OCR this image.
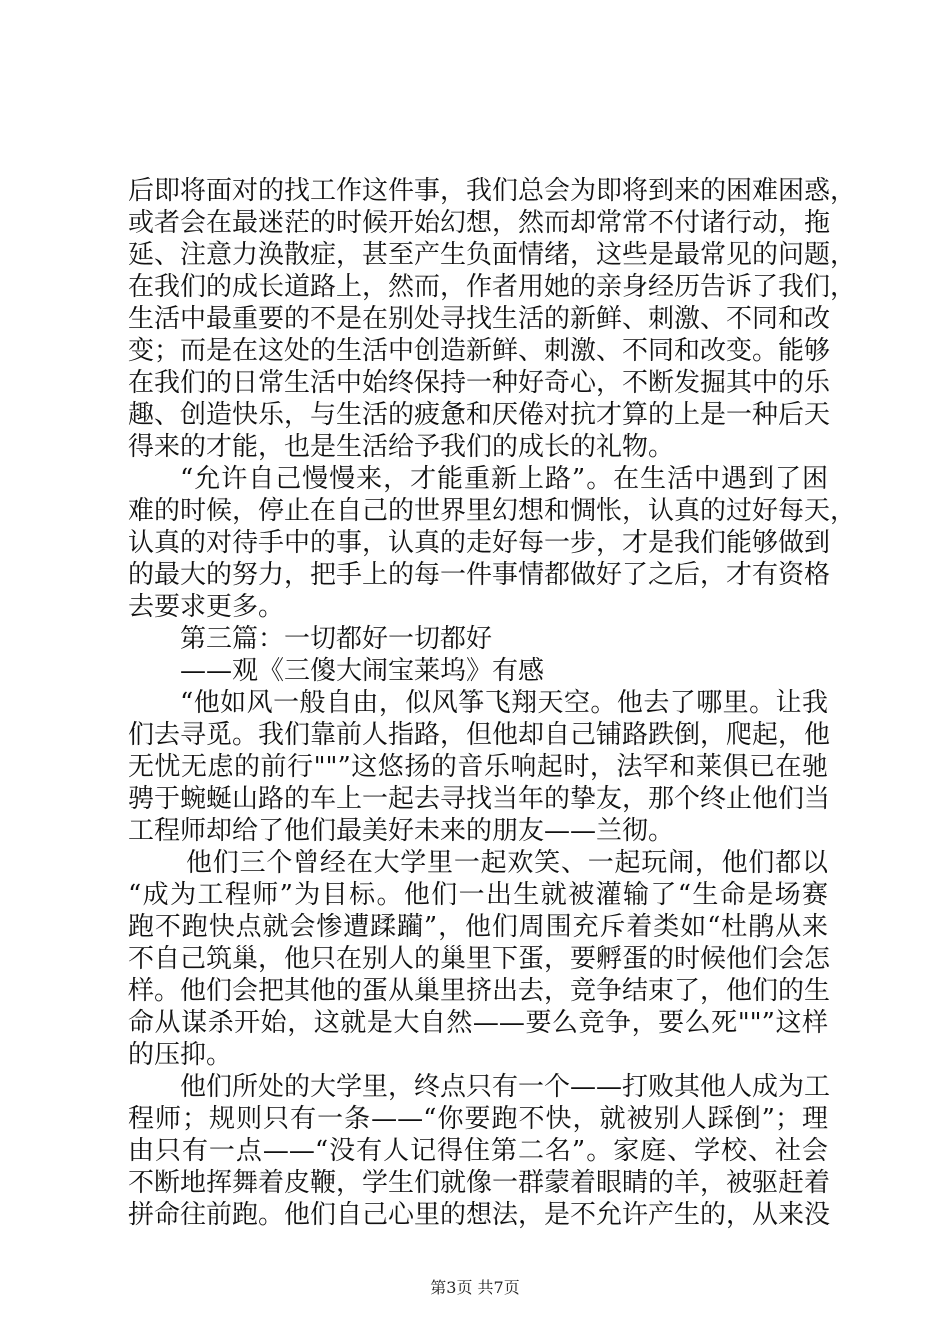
后即将面对的找工作这件事，我们总会为即将到来的困难困惑，
或者会在最迷茫的时候开始幻想，然而却常常不付诸行动，拖
延、注意力涣散症，甚至产生负面情绪，这些是最常见的问题，
在我们的成长道路上，然而，作者用她的亲身经历告诉了我们，
生活中最重要的不是在别处寻找生活的新鲜、刺激、不同和改
变；而是在这处的生活中创造新鲜、刺激、不同和改变。能够
在我们的日常生活中始终保持一种好奇心，不断发掘其中的乐
趣、创造快乐，与生活的疲惫和厌倦对抗才算的上是一种后天
得来的才能，也是生活给予我们的成长的礼物。
“允许自己慢慢来，才能重新上路”。在生活中遇到了困
难的时候，停止在自己的世界里幻想和惆怅，认真的过好每天，
认真的对待手中的事，认真的走好每一步，才是我们能够做到
的最大的努力，把手上的每一件事情都做好了之后，才有资格
去要求更多。
第三篇：一切都好一切都好
——观《三傻大闹宝莱坞》有感
“他如风一般自由，似风筝飞翔天空。他去了哪里。让我
们去寻觅。我们靠前人指路，但他却自己铺路跌倒，爬起，他
无忧无虑的前行""”这悠扬的音乐响起时，法罕和莱俱已在驰
骋于蜿蜒山路的车上一起去寻找当年的挚友，那个终止他们当
工程师却给了他们最美好未来的朋友——兰彻。
他们三个曾经在大学里一起欢笑、一起玩闹，他们都以
“成为工程师”为目标。他们一出生就被灌输了“生命是场赛
跑不跑快点就会惨遭蹂躏”，他们周围充斥着类如“杜鹃从来
不自己筑巢，他只在别人的巢里下蛋，要孵蛋的时候他们会怎
样。他们会把其他的蛋从巢里挤出去，竞争结束了，他们的生
命从谋杀开始，这就是大自然——要么竞争，要么死""”这样
的压抑。
他们所处的大学里，终点只有一个——打败其他人成为工
程师；规则只有一条——“你要跑不快，就被别人踩倒”；理
由只有一点——“没有人记得住第二名”。家庭、学校、社会
不断地挥舞着皮鞭，学生们就像一群蒙着眼睛的羊，被驱赶着
拼命往前跑。他们自己心里的想法，是不允许产生的，从来没
第3页 共7页
